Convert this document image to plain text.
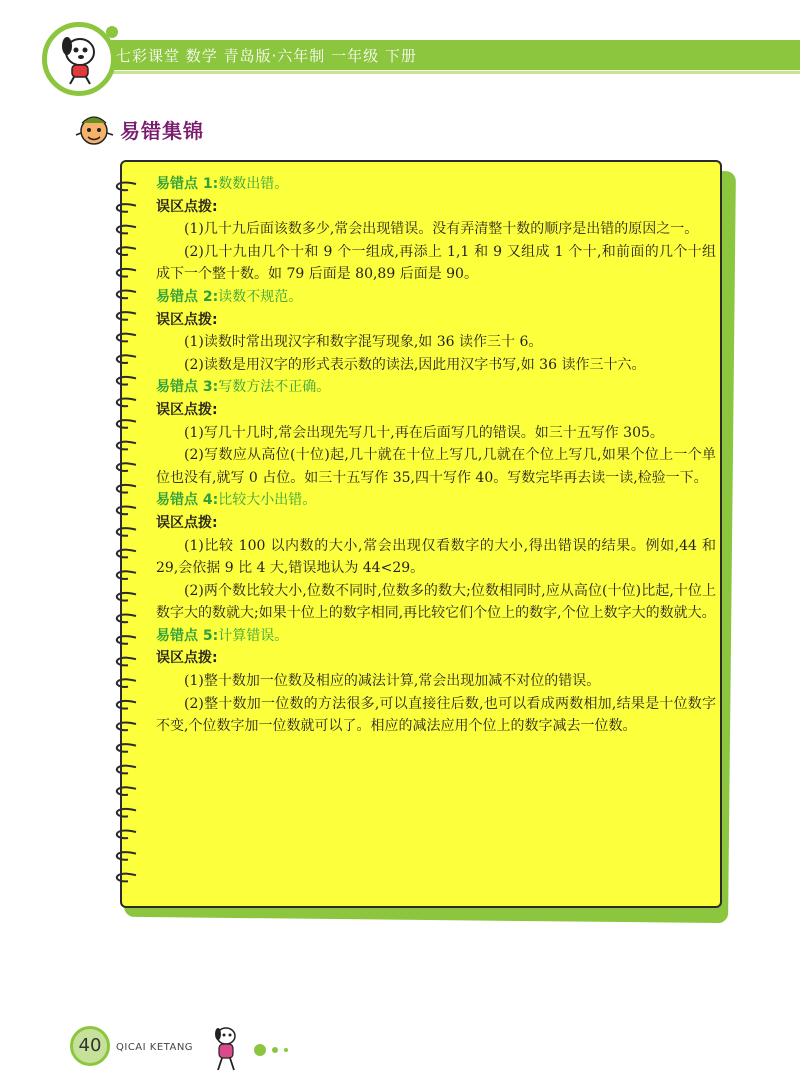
七彩课堂 数学 青岛版·六年制 一年级 下册
易错集锦

易错点 1:数数出错。

误区点拨:

(1)几十九后面该数多少,常会出现错误。没有弄清整十数的顺序是出错的原因之一。

(2)几十九由几个十和 9 个一组成,再添上 1,1 和 9 又组成 1 个十,和前面的几个十组成下一个整十数。如 79 后面是 80,89 后面是 90。

易错点 2:读数不规范。

误区点拨:

(1)读数时常出现汉字和数字混写现象,如 36 读作三十 6。

(2)读数是用汉字的形式表示数的读法,因此用汉字书写,如 36 读作三十六。

易错点 3:写数方法不正确。

误区点拨:

(1)写几十几时,常会出现先写几十,再在后面写几的错误。如三十五写作 305。

(2)写数应从高位(十位)起,几十就在十位上写几,几就在个位上写几,如果个位上一个单位也没有,就写 0 占位。如三十五写作 35,四十写作 40。写数完毕再去读一读,检验一下。

易错点 4:比较大小出错。

误区点拨:

(1)比较 100 以内数的大小,常会出现仅看数字的大小,得出错误的结果。例如,44 和 29,会依据 9 比 4 大,错误地认为 44<29。

(2)两个数比较大小,位数不同时,位数多的数大;位数相同时,应从高位(十位)比起,十位上数字大的数就大;如果十位上的数字相同,再比较它们个位上的数字,个位上数字大的数就大。

易错点 5:计算错误。

误区点拨:

(1)整十数加一位数及相应的减法计算,常会出现加减不对位的错误。

(2)整十数加一位数的方法很多,可以直接往后数,也可以看成两数相加,结果是十位数字不变,个位数字加一位数就可以了。相应的减法应用个位上的数字减去一位数。

40	QICAI KETANG
